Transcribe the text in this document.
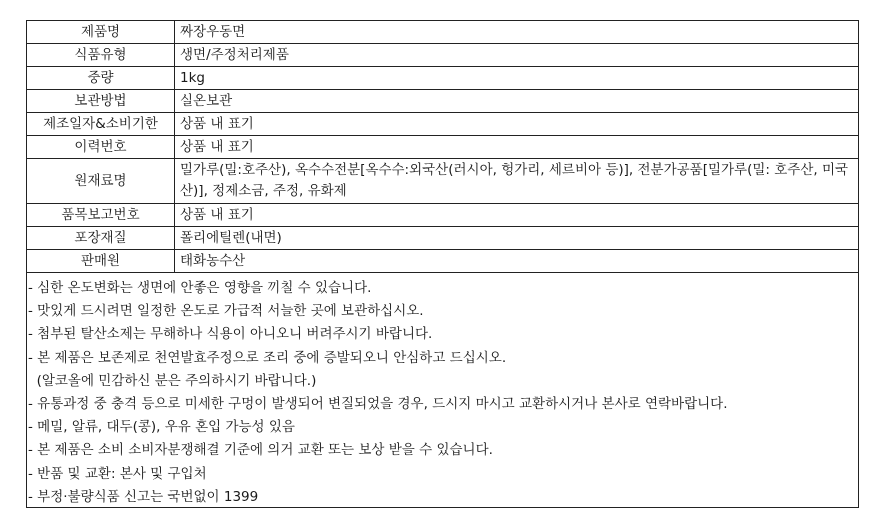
제품명	짜장우동면
식품유형	생면/주정처리제품
중량	1kg
보관방법	실온보관
제조일자&소비기한	상품 내 표기
이력번호	상품 내 표기
원재료명	밀가루(밀:호주산), 옥수수전분[옥수수:외국산(러시아, 헝가리, 세르비아 등)], 전분가공품[밀가루(밀: 호주산, 미국산)], 정제소금, 주정, 유화제
품목보고번호	상품 내 표기
포장재질	폴리에틸렌(내면)
판매원	태화농수산
- 심한 온도변화는 생면에 안좋은 영향을 끼칠 수 있습니다.
- 맛있게 드시려면 일정한 온도로 가급적 서늘한 곳에 보관하십시오.
- 첨부된 탈산소제는 무해하나 식용이 아니오니 버려주시기 바랍니다.
- 본 제품은 보존제로 천연발효주정으로 조리 중에 증발되오니 안심하고 드십시오.
(알코올에 민감하신 분은 주의하시기 바랍니다.)
- 유통과정 중 충격 등으로 미세한 구멍이 발생되어 변질되었을 경우, 드시지 마시고 교환하시거나 본사로 연락바랍니다.
- 메밀, 알류, 대두(콩), 우유 혼입 가능성 있음
- 본 제품은 소비 소비자분쟁해결 기준에 의거 교환 또는 보상 받을 수 있습니다.
- 반품 및 교환: 본사 및 구입처
- 부정·불량식품 신고는 국번없이 1399
